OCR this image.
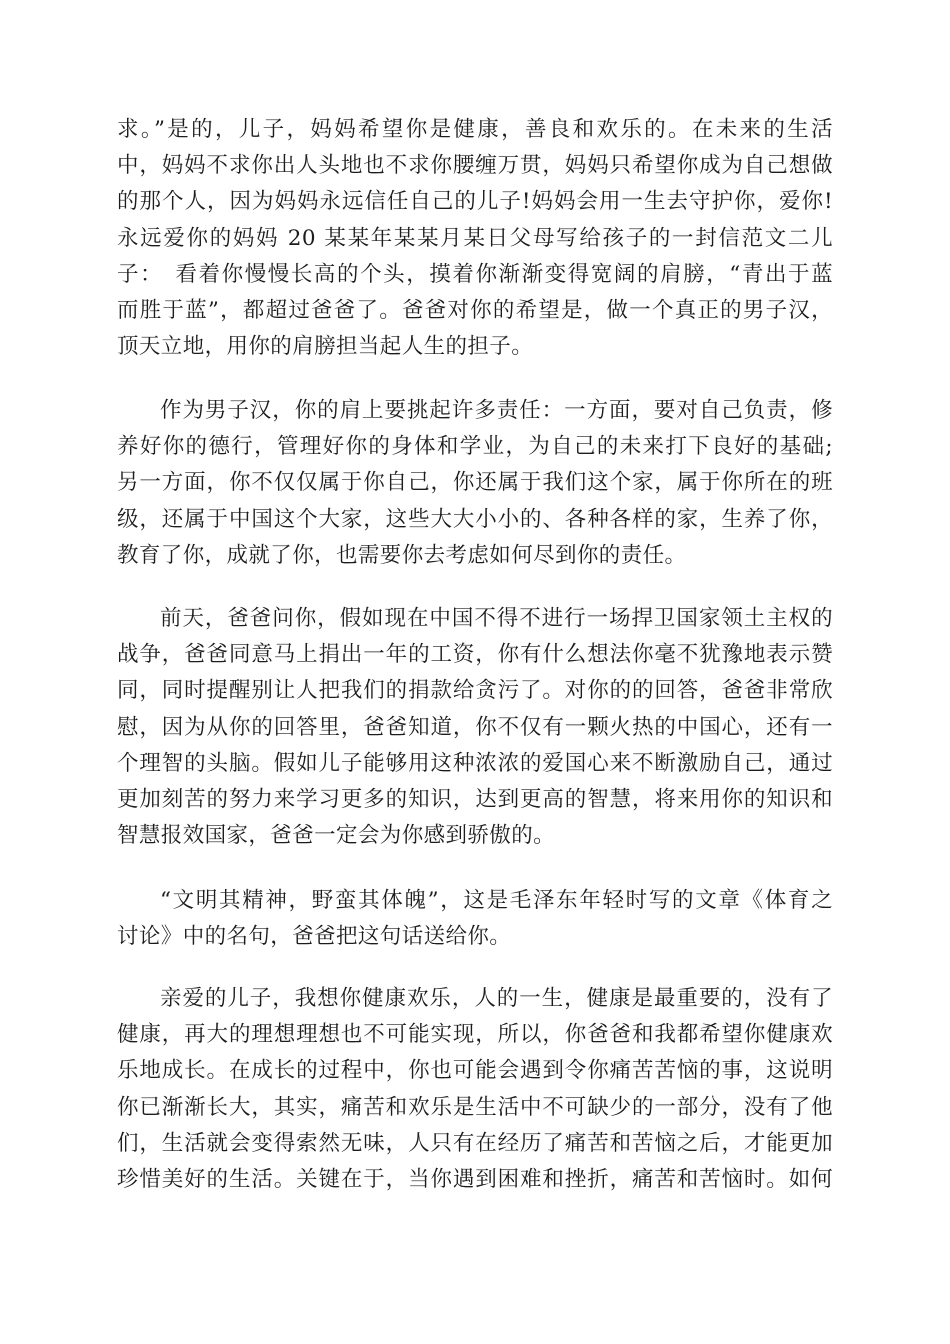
求。”是的，儿子，妈妈希望你是健康，善良和欢乐的。在未来的生活
中，妈妈不求你出人头地也不求你腰缠万贯，妈妈只希望你成为自己想做
的那个人，因为妈妈永远信任自己的儿子!妈妈会用一生去守护你，爱你!
永远爱你的妈妈 20 某某年某某月某日父母写给孩子的一封信范文二儿
子：　看着你慢慢长高的个头，摸着你渐渐变得宽阔的肩膀，“青出于蓝
而胜于蓝”，都超过爸爸了。爸爸对你的希望是，做一个真正的男子汉，
顶天立地，用你的肩膀担当起人生的担子。
作为男子汉，你的肩上要挑起许多责任：一方面，要对自己负责，修
养好你的德行，管理好你的身体和学业，为自己的未来打下良好的基础;
另一方面，你不仅仅属于你自己，你还属于我们这个家，属于你所在的班
级，还属于中国这个大家，这些大大小小的、各种各样的家，生养了你，
教育了你，成就了你，也需要你去考虑如何尽到你的责任。
前天，爸爸问你，假如现在中国不得不进行一场捍卫国家领土主权的
战争，爸爸同意马上捐出一年的工资，你有什么想法你毫不犹豫地表示赞
同，同时提醒别让人把我们的捐款给贪污了。对你的的回答，爸爸非常欣
慰，因为从你的回答里，爸爸知道，你不仅有一颗火热的中国心，还有一
个理智的头脑。假如儿子能够用这种浓浓的爱国心来不断激励自己，通过
更加刻苦的努力来学习更多的知识，达到更高的智慧，将来用你的知识和
智慧报效国家，爸爸一定会为你感到骄傲的。
“文明其精神，野蛮其体魄”，这是毛泽东年轻时写的文章《体育之
讨论》中的名句，爸爸把这句话送给你。
亲爱的儿子，我想你健康欢乐，人的一生，健康是最重要的，没有了
健康，再大的理想理想也不可能实现，所以，你爸爸和我都希望你健康欢
乐地成长。在成长的过程中，你也可能会遇到令你痛苦苦恼的事，这说明
你已渐渐长大，其实，痛苦和欢乐是生活中不可缺少的一部分，没有了他
们，生活就会变得索然无味，人只有在经历了痛苦和苦恼之后，才能更加
珍惜美好的生活。关键在于，当你遇到困难和挫折，痛苦和苦恼时。如何
